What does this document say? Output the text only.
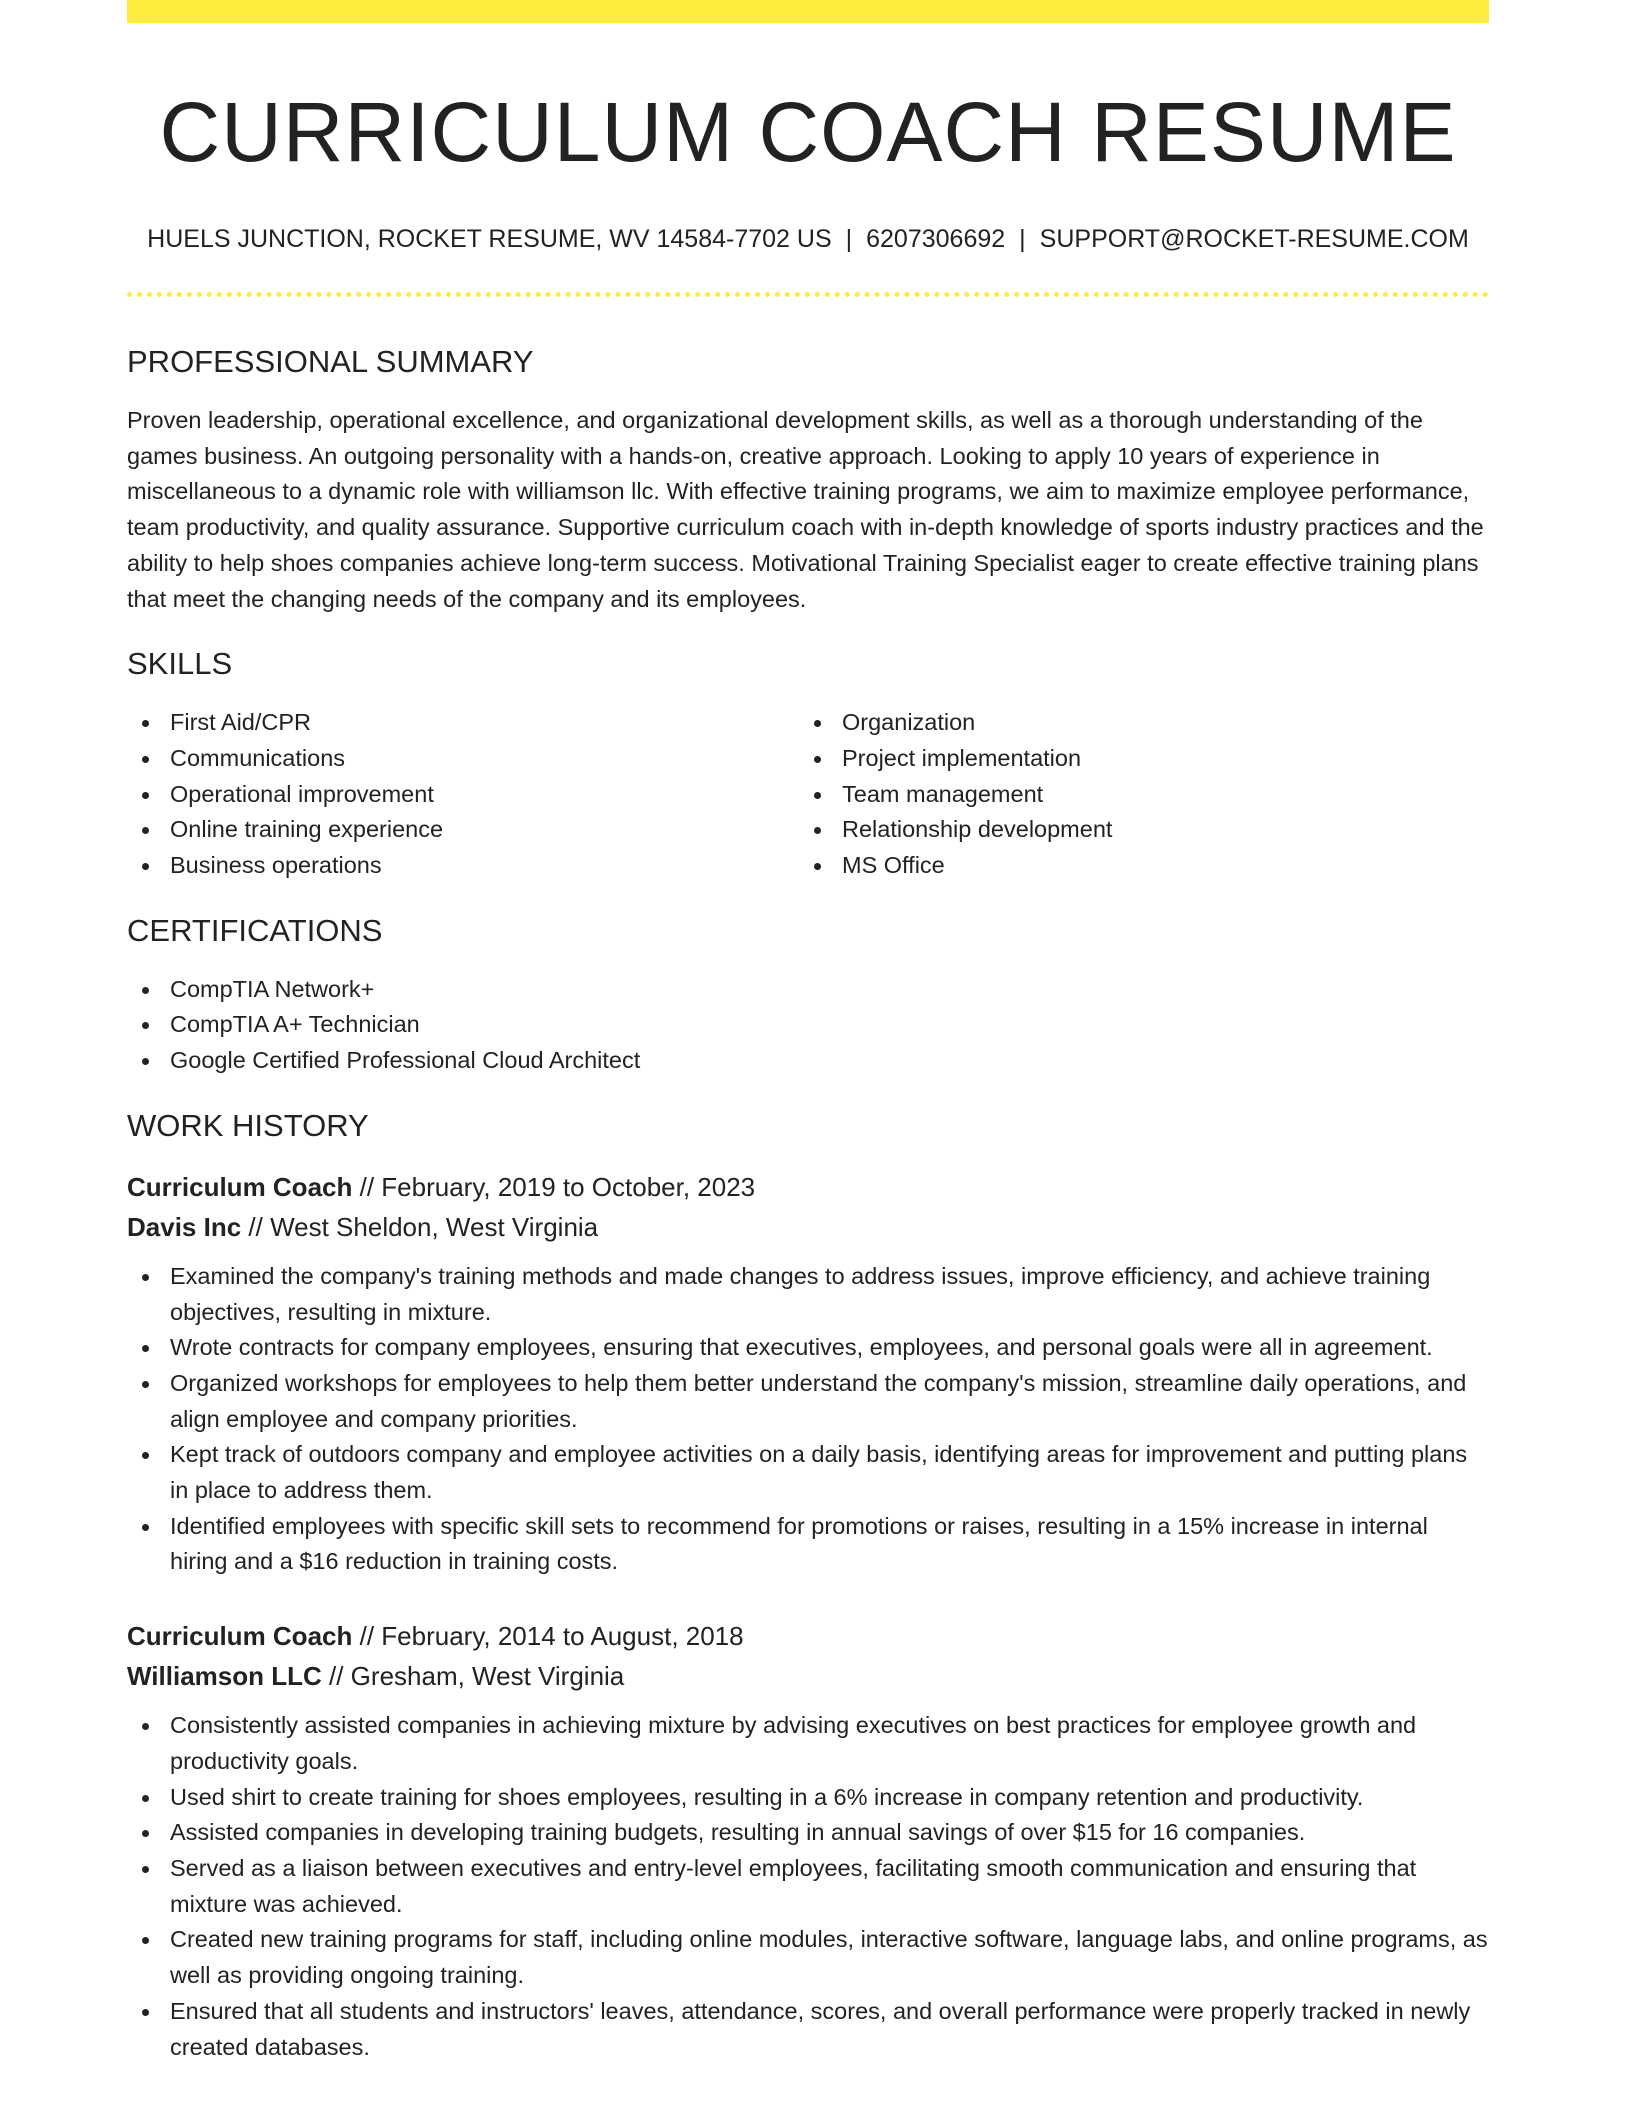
CURRICULUM COACH RESUME
HUELS JUNCTION, ROCKET RESUME, WV 14584-7702 US | 6207306692 | SUPPORT@ROCKET-RESUME.COM
PROFESSIONAL SUMMARY

Proven leadership, operational excellence, and organizational development skills, as well as a thorough understanding of the games business. An outgoing personality with a hands-on, creative approach. Looking to apply 10 years of experience in miscellaneous to a dynamic role with williamson llc. With effective training programs, we aim to maximize employee performance, team productivity, and quality assurance. Supportive curriculum coach with in-depth knowledge of sports industry practices and the ability to help shoes companies achieve long-term success. Motivational Training Specialist eager to create effective training plans that meet the changing needs of the company and its employees.

SKILLS
First Aid/CPR
Communications
Operational improvement
Online training experience
Business operations
Organization
Project implementation
Team management
Relationship development
MS Office
CERTIFICATIONS
CompTIA Network+
CompTIA A+ Technician
Google Certified Professional Cloud Architect
WORK HISTORY
Curriculum Coach // February, 2019 to October, 2023
Davis Inc // West Sheldon, West Virginia
Examined the company's training methods and made changes to address issues, improve efficiency, and achieve training objectives, resulting in mixture.
Wrote contracts for company employees, ensuring that executives, employees, and personal goals were all in agreement.
Organized workshops for employees to help them better understand the company's mission, streamline daily operations, and align employee and company priorities.
Kept track of outdoors company and employee activities on a daily basis, identifying areas for improvement and putting plans in place to address them.
Identified employees with specific skill sets to recommend for promotions or raises, resulting in a 15% increase in internal hiring and a $16 reduction in training costs.
Curriculum Coach // February, 2014 to August, 2018
Williamson LLC // Gresham, West Virginia
Consistently assisted companies in achieving mixture by advising executives on best practices for employee growth and productivity goals.
Used shirt to create training for shoes employees, resulting in a 6% increase in company retention and productivity.
Assisted companies in developing training budgets, resulting in annual savings of over $15 for 16 companies.
Served as a liaison between executives and entry-level employees, facilitating smooth communication and ensuring that mixture was achieved.
Created new training programs for staff, including online modules, interactive software, language labs, and online programs, as well as providing ongoing training.
Ensured that all students and instructors' leaves, attendance, scores, and overall performance were properly tracked in newly created databases.
